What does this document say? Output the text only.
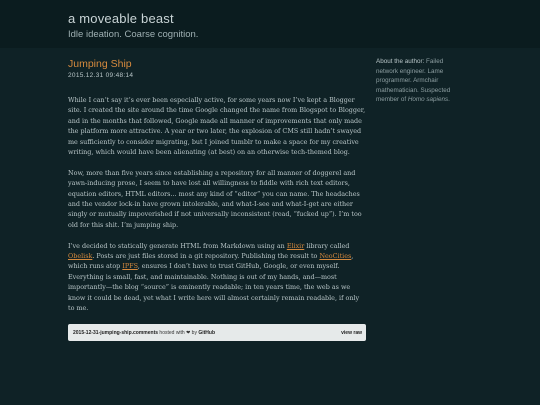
a moveable beast
Idle ideation. Coarse cognition.
Jumping Ship
2015.12.31 09:48:14

While I can’t say it’s ever been especially active, for some years now I’ve kept a Blogger site. I created the site around the time Google changed the name from Blogspot to Blogger, and in the months that followed, Google made all manner of improvements that only made the platform more attractive. A year or two later, the explosion of CMS still hadn’t swayed me sufficiently to consider migrating, but I joined tumblr to make a space for my creative writing, which would have been alienating (at best) on an otherwise tech-themed blog.

Now, more than five years since establishing a repository for all manner of doggerel and yawn-inducing prose, I seem to have lost all willingness to fiddle with rich text editors, equation editors, HTML editors... most any kind of “editor” you can name. The headaches and the vendor lock-in have grown intolerable, and what-I-see and what-I-get are either singly or mutually impoverished if not universally inconsistent (read, “fucked up”). I’m too old for this shit. I’m jumping ship.

I’ve decided to statically generate HTML from Markdown using an Elixir library called Obelisk. Posts are just files stored in a git repository. Publishing the result to NeoCities, which runs atop IPFS, ensures I don’t have to trust GitHub, Google, or even myself. Everything is small, fast, and maintainable. Nothing is out of my hands, and—most importantly—the blog “source” is eminently readable; in ten years time, the web as we know it could be dead, yet what I write here will almost certainly remain readable, if only to me.

2015-12-31-jumping-ship.comments hosted with ❤ by GitHub	view raw
About the author: Failed network engineer. Lame programmer. Armchair mathematician. Suspected member of Homo sapiens.
